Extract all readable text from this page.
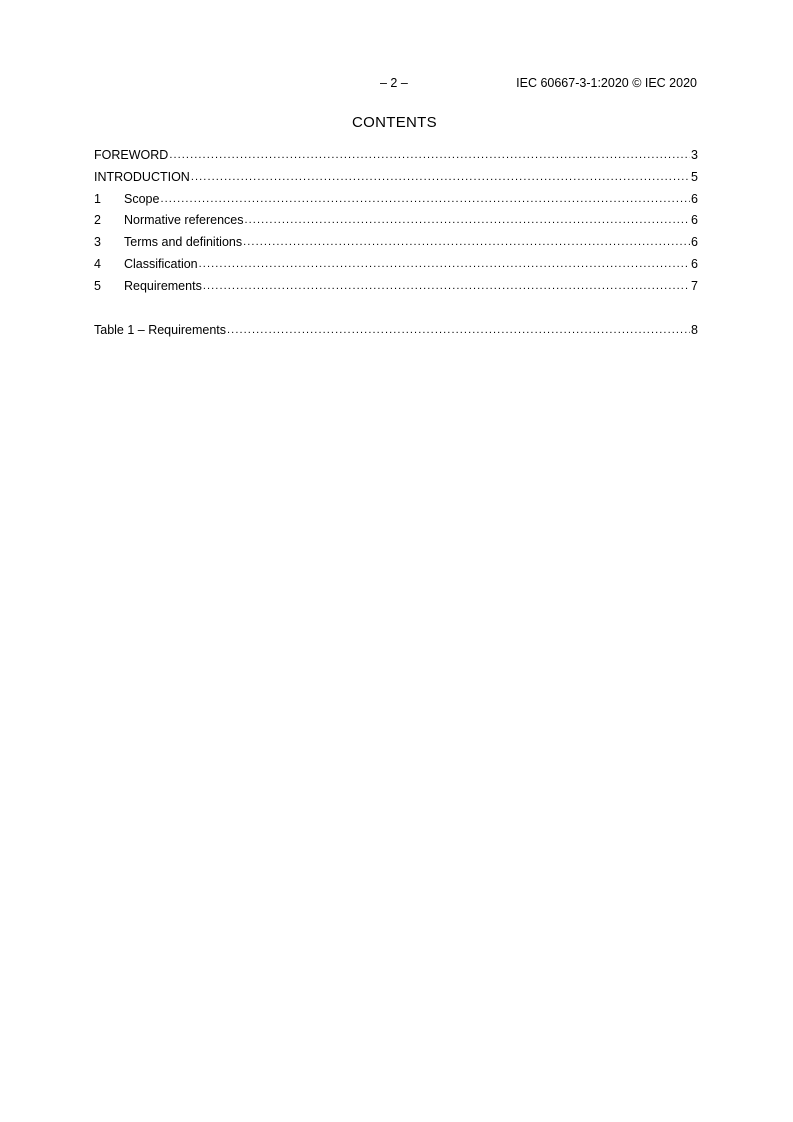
– 2 –	IEC 60667-3-1:2020 © IEC 2020
CONTENTS
FOREWORD .....	3
INTRODUCTION .....	5
1	Scope .....	6
2	Normative references .....	6
3	Terms and definitions .....	6
4	Classification .....	6
5	Requirements .....	7
Table 1 – Requirements .....	8
